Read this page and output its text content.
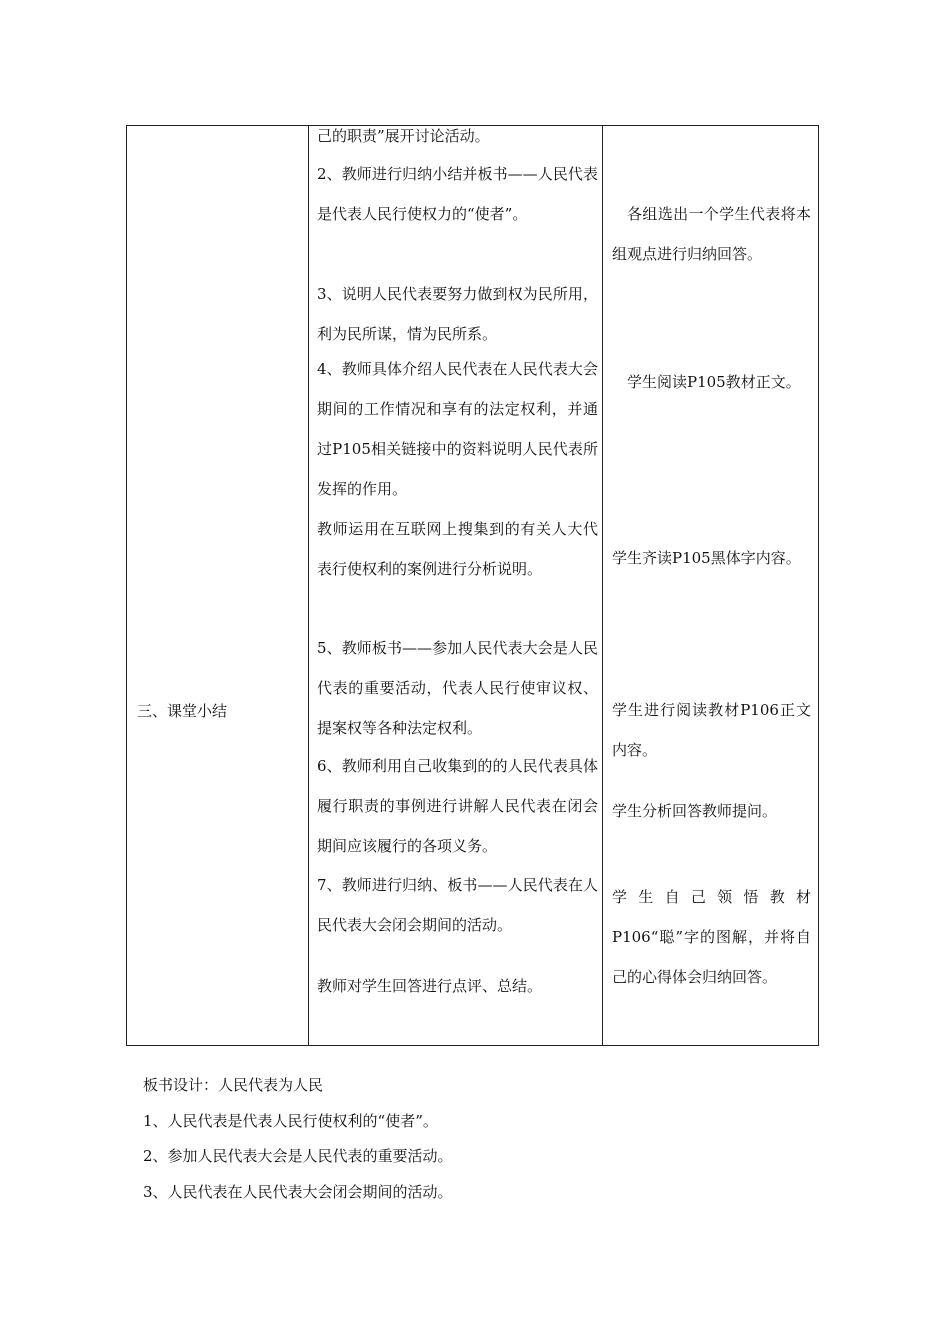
三、课堂小结

己的职责”展开讨论活动。

2、教师进行归纳小结并板书——人民代表是代表人民行使权力的“使者”。

3、说明人民代表要努力做到权为民所用，利为民所谋，情为民所系。

4、教师具体介绍人民代表在人民代表大会期间的工作情况和享有的法定权利，并通过P105相关链接中的资料说明人民代表所发挥的作用。

教师运用在互联网上搜集到的有关人大代表行使权利的案例进行分析说明。

5、教师板书——参加人民代表大会是人民代表的重要活动，代表人民行使审议权、提案权等各种法定权利。

6、教师利用自己收集到的的人民代表具体履行职责的事例进行讲解人民代表在闭会期间应该履行的各项义务。

7、教师进行归纳、板书——人民代表在人民代表大会闭会期间的活动。

教师对学生回答进行点评、总结。

各组选出一个学生代表将本组观点进行归纳回答。

学生阅读P105教材正文。

学生齐读P105黑体字内容。

学生进行阅读教材P106正文内容。

学生分析回答教师提问。

学生自己领悟教材P106“聪”字的图解，并将自己的心得体会归纳回答。

板书设计：人民代表为人民

1、人民代表是代表人民行使权利的“使者”。

2、参加人民代表大会是人民代表的重要活动。

3、人民代表在人民代表大会闭会期间的活动。
